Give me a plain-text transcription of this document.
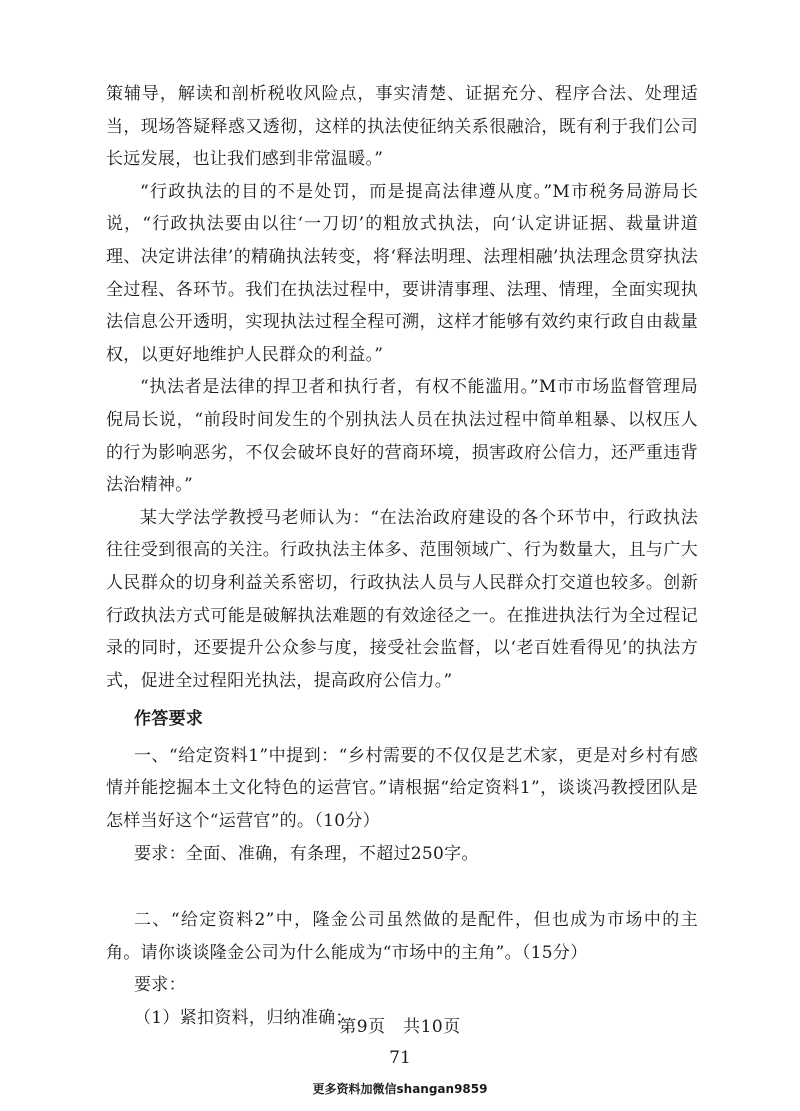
策辅导，解读和剖析税收风险点，事实清楚、证据充分、程序合法、处理适当，现场答疑释惑又透彻，这样的执法使征纳关系很融洽，既有利于我们公司长远发展，也让我们感到非常温暖。”

“行政执法的目的不是处罚，而是提高法律遵从度。”M市税务局游局长说，“行政执法要由以往‘一刀切’的粗放式执法，向‘认定讲证据、裁量讲道理、决定讲法律’的精确执法转变，将‘释法明理、法理相融’执法理念贯穿执法全过程、各环节。我们在执法过程中，要讲清事理、法理、情理，全面实现执法信息公开透明，实现执法过程全程可溯，这样才能够有效约束行政自由裁量权，以更好地维护人民群众的利益。”

“执法者是法律的捍卫者和执行者，有权不能滥用。”M市市场监督管理局倪局长说，“前段时间发生的个别执法人员在执法过程中简单粗暴、以权压人的行为影响恶劣，不仅会破坏良好的营商环境，损害政府公信力，还严重违背法治精神。”

某大学法学教授马老师认为：“在法治政府建设的各个环节中，行政执法往往受到很高的关注。行政执法主体多、范围领域广、行为数量大，且与广大人民群众的切身利益关系密切，行政执法人员与人民群众打交道也较多。创新行政执法方式可能是破解执法难题的有效途径之一。在推进执法行为全过程记录的同时，还要提升公众参与度，接受社会监督，以‘老百姓看得见’的执法方式，促进全过程阳光执法，提高政府公信力。”

作答要求

一、“给定资料1”中提到：“乡村需要的不仅仅是艺术家，更是对乡村有感情并能挖掘本土文化特色的运营官。”请根据“给定资料1”，谈谈冯教授团队是怎样当好这个“运营官”的。（10分）

要求：全面、准确，有条理，不超过250字。

二、“给定资料2”中，隆金公司虽然做的是配件，但也成为市场中的主角。请你谈谈隆金公司为什么能成为“市场中的主角”。（15分）

要求：

（1）紧扣资料，归纳准确；

第9页　共10页
71
更多资料加微信shangan9859
